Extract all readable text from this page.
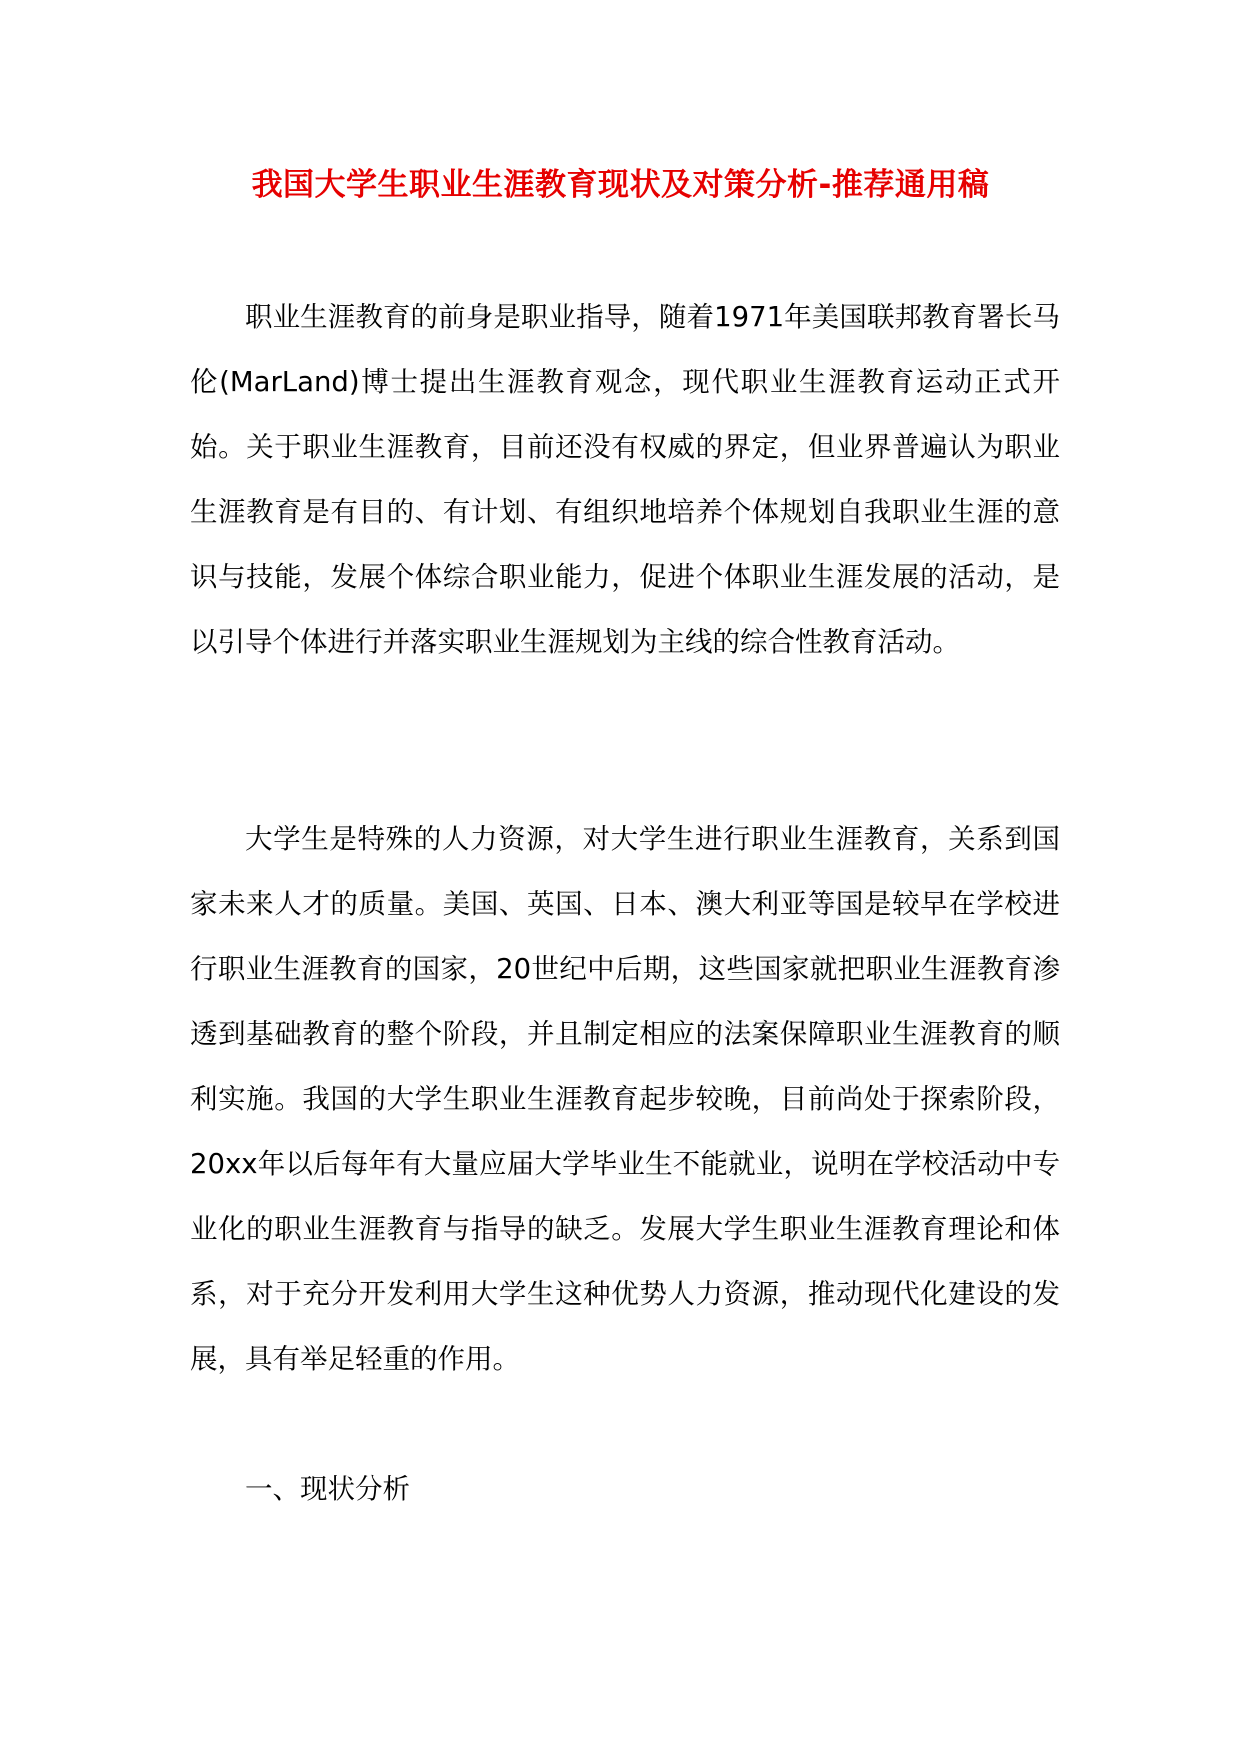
我国大学生职业生涯教育现状及对策分析-推荐通用稿

职业生涯教育的前身是职业指导，随着1971年美国联邦教育署长马伦(MarLand)博士提出生涯教育观念，现代职业生涯教育运动正式开始。关于职业生涯教育，目前还没有权威的界定，但业界普遍认为职业生涯教育是有目的、有计划、有组织地培养个体规划自我职业生涯的意识与技能，发展个体综合职业能力，促进个体职业生涯发展的活动，是以引导个体进行并落实职业生涯规划为主线的综合性教育活动。

大学生是特殊的人力资源，对大学生进行职业生涯教育，关系到国家未来人才的质量。美国、英国、日本、澳大利亚等国是较早在学校进行职业生涯教育的国家，20世纪中后期，这些国家就把职业生涯教育渗透到基础教育的整个阶段，并且制定相应的法案保障职业生涯教育的顺利实施。我国的大学生职业生涯教育起步较晚，目前尚处于探索阶段，20xx年以后每年有大量应届大学毕业生不能就业，说明在学校活动中专业化的职业生涯教育与指导的缺乏。发展大学生职业生涯教育理论和体系，对于充分开发利用大学生这种优势人力资源，推动现代化建设的发展，具有举足轻重的作用。

一、现状分析
